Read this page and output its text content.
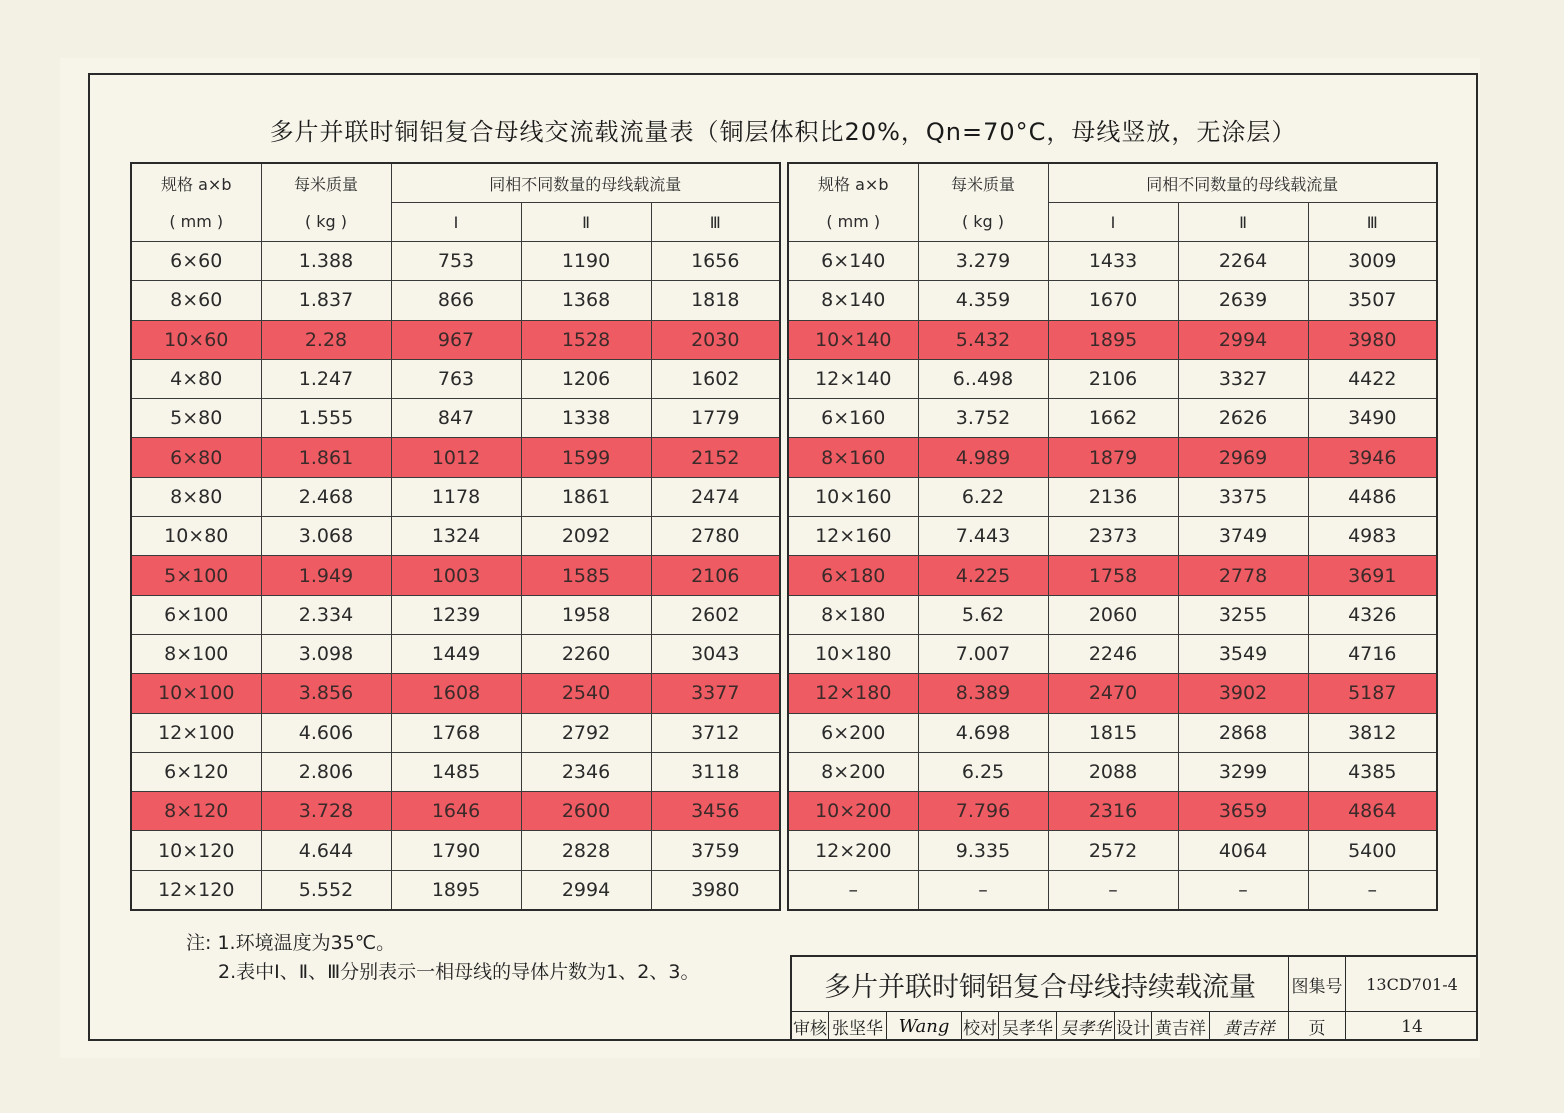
多片并联时铜铝复合母线交流载流量表（铜层体积比20%，Qn=70°C，母线竖放，无涂层）
规格 a×b	每米质量	同相不同数量的母线载流量		
( mm )	( kg )	Ⅰ	Ⅱ	Ⅲ
6×60	1.388	753	1190	1656
8×60	1.837	866	1368	1818
10×60	2.28	967	1528	2030
4×80	1.247	763	1206	1602
5×80	1.555	847	1338	1779
6×80	1.861	1012	1599	2152
8×80	2.468	1178	1861	2474
10×80	3.068	1324	2092	2780
5×100	1.949	1003	1585	2106
6×100	2.334	1239	1958	2602
8×100	3.098	1449	2260	3043
10×100	3.856	1608	2540	3377
12×100	4.606	1768	2792	3712
6×120	2.806	1485	2346	3118
8×120	3.728	1646	2600	3456
10×120	4.644	1790	2828	3759
12×120	5.552	1895	2994	3980
规格 a×b	每米质量	同相不同数量的母线载流量		
( mm )	( kg )	Ⅰ	Ⅱ	Ⅲ
6×140	3.279	1433	2264	3009
8×140	4.359	1670	2639	3507
10×140	5.432	1895	2994	3980
12×140	6..498	2106	3327	4422
6×160	3.752	1662	2626	3490
8×160	4.989	1879	2969	3946
10×160	6.22	2136	3375	4486
12×160	7.443	2373	3749	4983
6×180	4.225	1758	2778	3691
8×180	5.62	2060	3255	4326
10×180	7.007	2246	3549	4716
12×180	8.389	2470	3902	5187
6×200	4.698	1815	2868	3812
8×200	6.25	2088	3299	4385
10×200	7.796	2316	3659	4864
12×200	9.335	2572	4064	5400
–	–	–	–	–
注: 1.环境温度为35℃。
2.表中Ⅰ、Ⅱ、Ⅲ分别表示一相母线的导体片数为1、2、3。	多片并联时铜铝复合母线持续载流量	图集号	13CD701-4
审核 张坚华 Wang 校对 吴孝华 吴孝华 设计 黄吉祥	黄吉祥	页	14
